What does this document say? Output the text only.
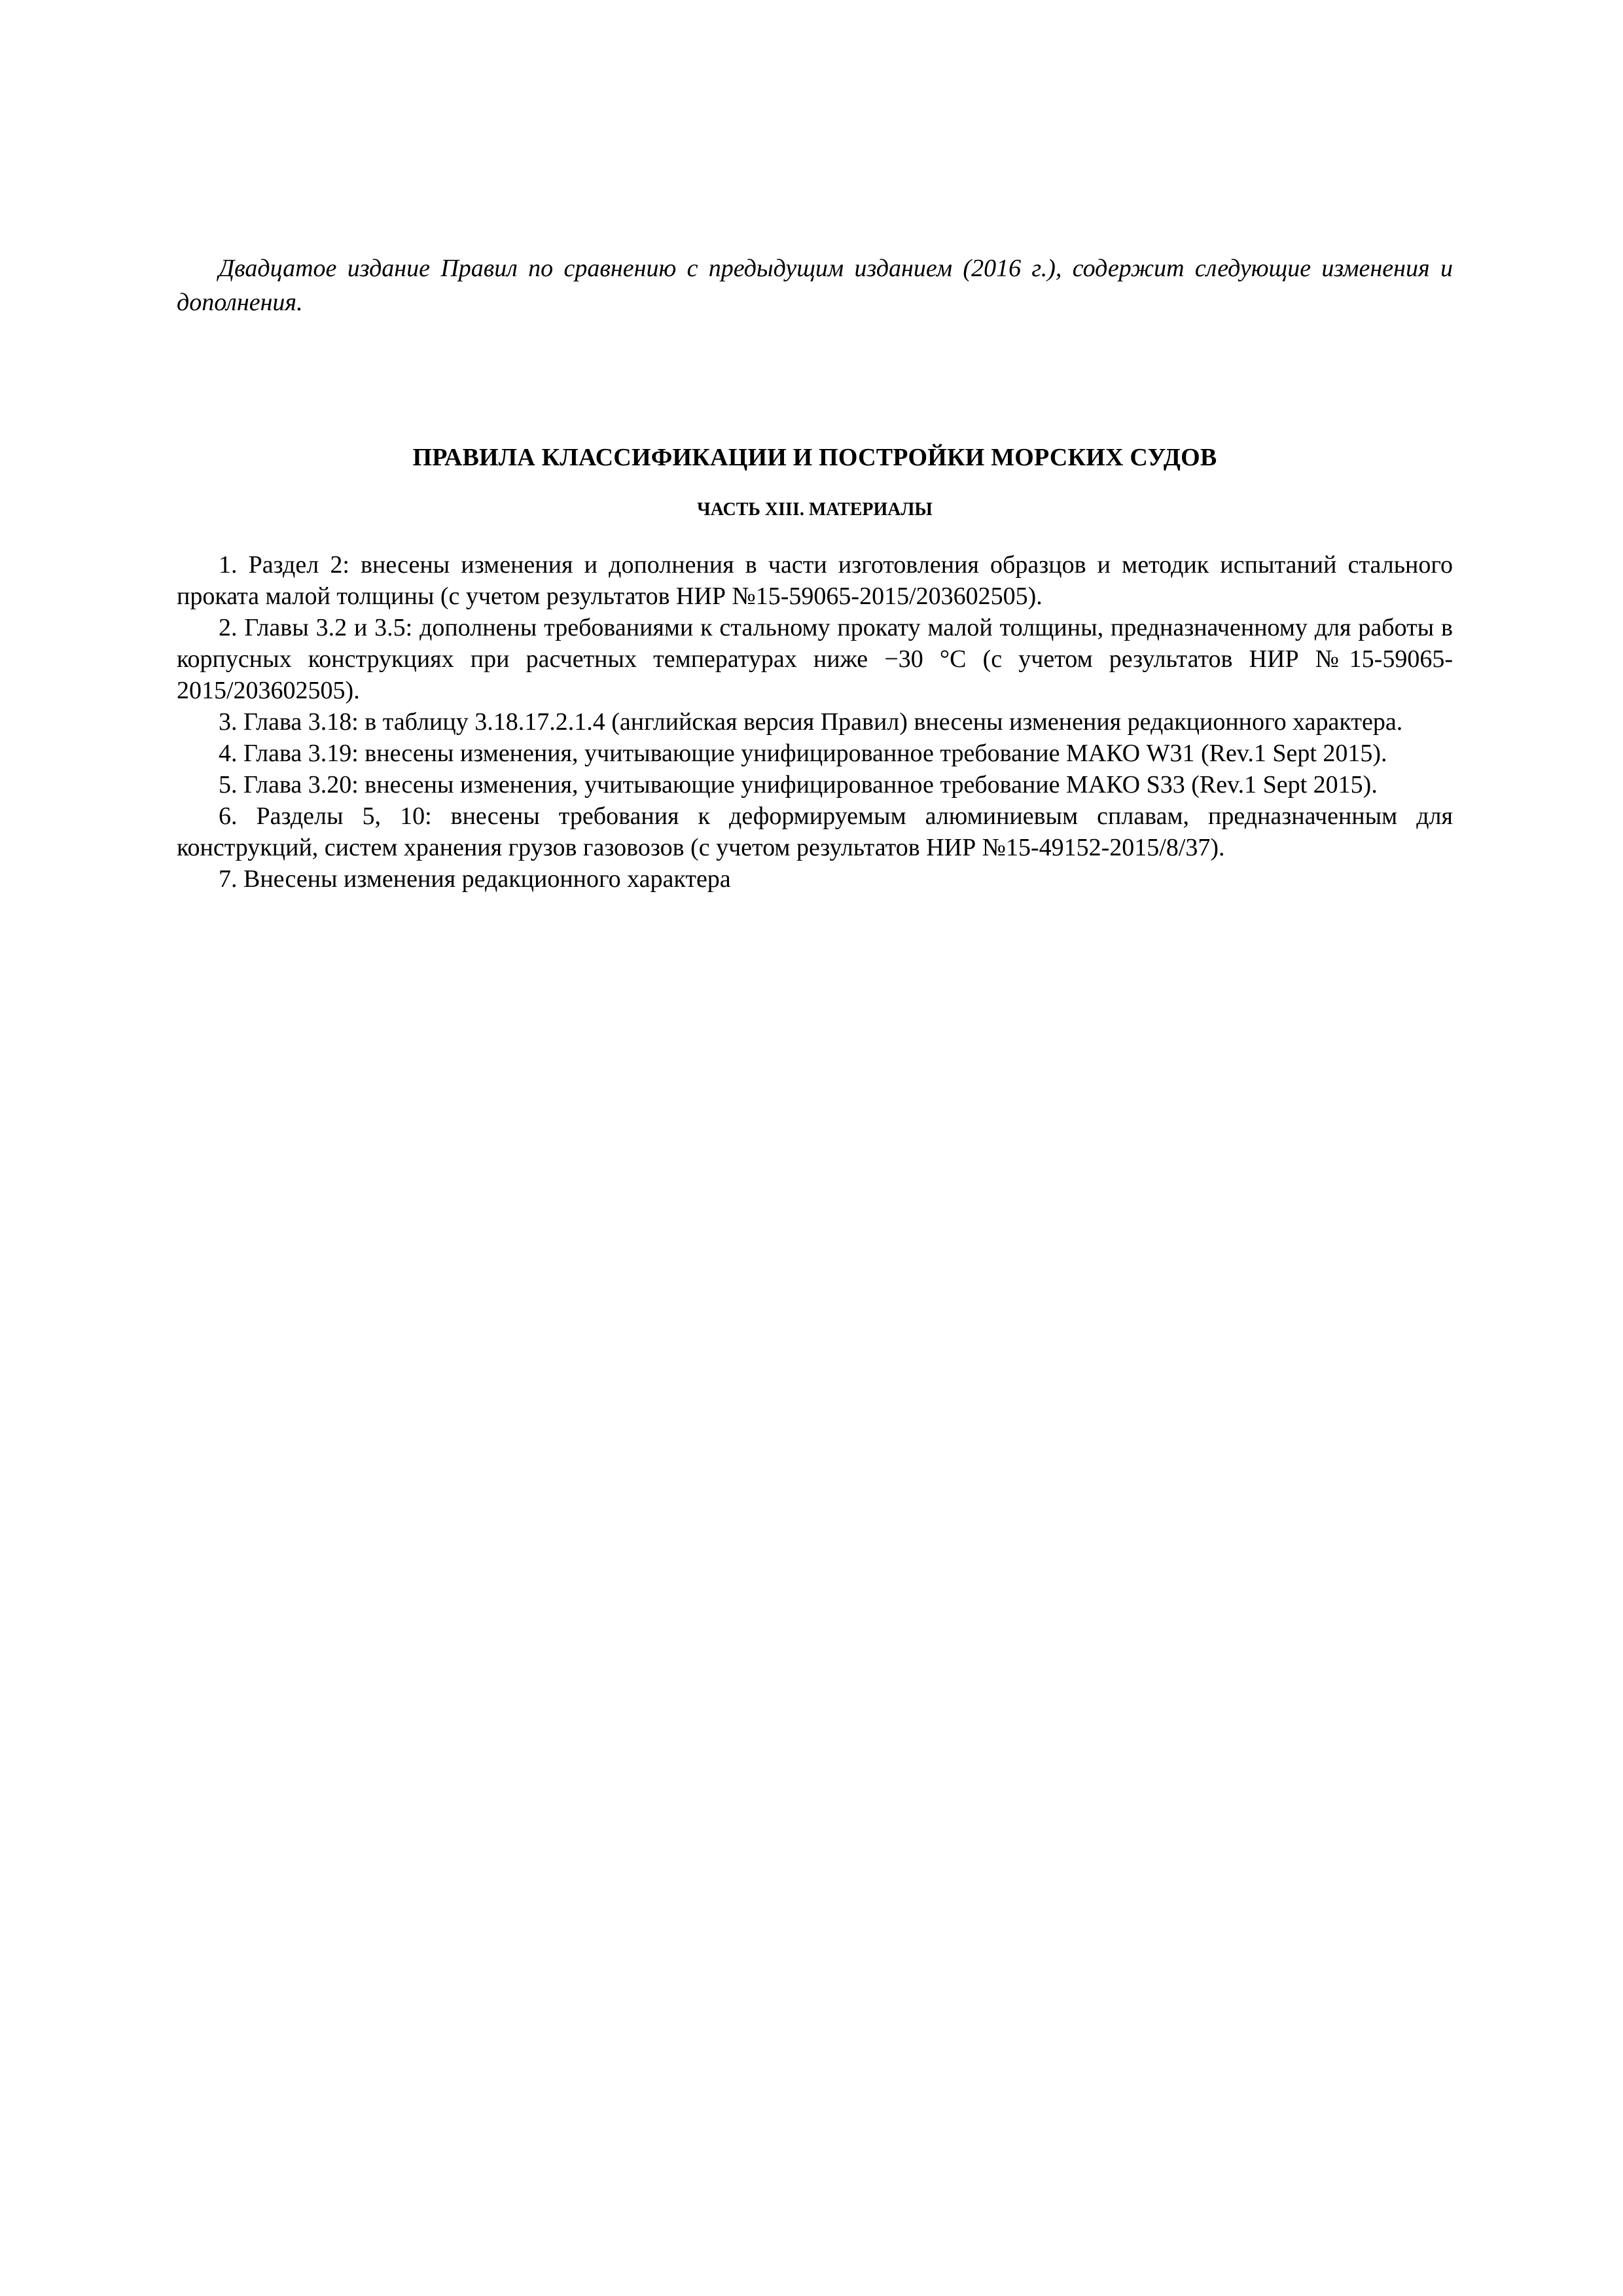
Двадцатое издание Правил по сравнению с предыдущим изданием (2016 г.), содержит следующие изменения и дополнения.

ПРАВИЛА КЛАССИФИКАЦИИ И ПОСТРОЙКИ МОРСКИХ СУДОВ
ЧАСТЬ XIII. МАТЕРИАЛЫ
1. Раздел 2: внесены изменения и дополнения в части изготовления образцов и методик испытаний стального проката малой толщины (с учетом результатов НИР №15-59065-2015/203602505).
2. Главы 3.2 и 3.5: дополнены требованиями к стальному прокату малой толщины, предназначенному для работы в корпусных конструкциях при расчетных температурах ниже −30 °С (с учетом результатов НИР №15-59065-2015/203602505).
3. Глава 3.18: в таблицу 3.18.17.2.1.4 (английская версия Правил) внесены изменения редакционного характера.
4. Глава 3.19: внесены изменения, учитывающие унифицированное требование МАКО W31 (Rev.1 Sept 2015).
5. Глава 3.20: внесены изменения, учитывающие унифицированное требование МАКО S33 (Rev.1 Sept 2015).
6. Разделы 5, 10: внесены требования к деформируемым алюминиевым сплавам, предназначенным для конструкций, систем хранения грузов газовозов (с учетом результатов НИР №15-49152-2015/8/37).
7. Внесены изменения редакционного характера
